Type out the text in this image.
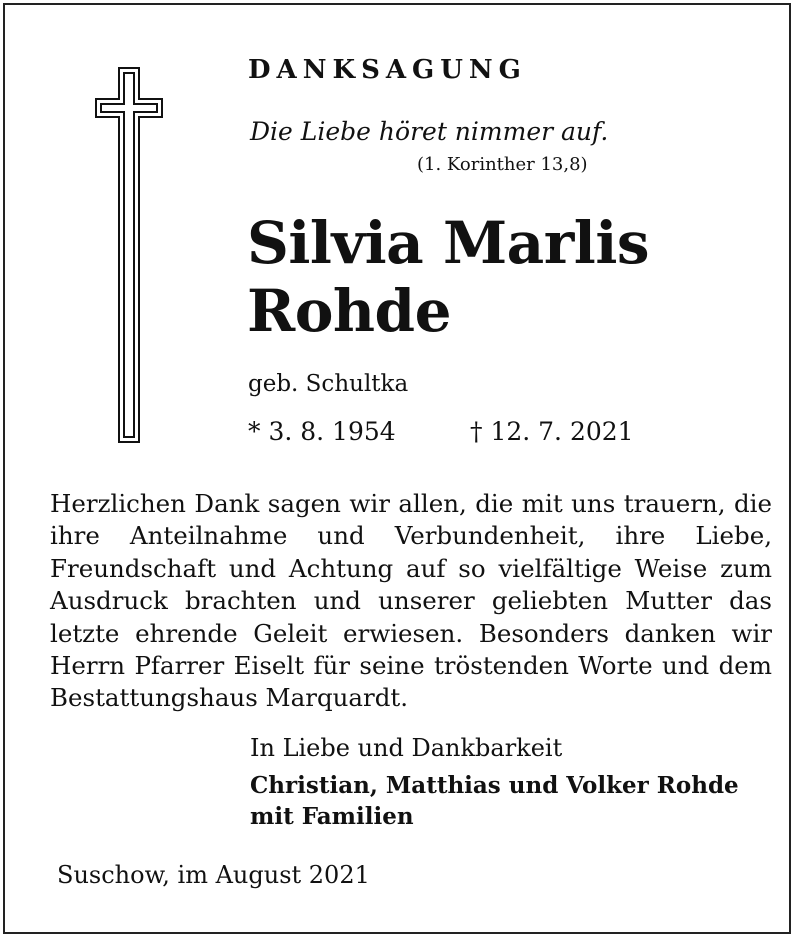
DANKSAGUNG
Die Liebe höret nimmer auf.
(1. Korinther 13,8)
Silvia Marlis
Rohde
geb. Schultka
* 3. 8. 1954	† 12. 7. 2021
Herzlichen Dank sagen wir allen, die mit uns trauern, die ihre Anteilnahme und Verbundenheit, ihre Liebe, Freundschaft und Achtung auf so vielfältige Weise zum Ausdruck brachten und unserer geliebten Mutter das letzte ehrende Geleit erwiesen. Besonders danken wir Herrn Pfarrer Eiselt für seine tröstenden Worte und dem Bestattungshaus Marquardt.
In Liebe und Dankbarkeit
Christian, Matthias und Volker Rohde
mit Familien
Suschow, im August 2021
